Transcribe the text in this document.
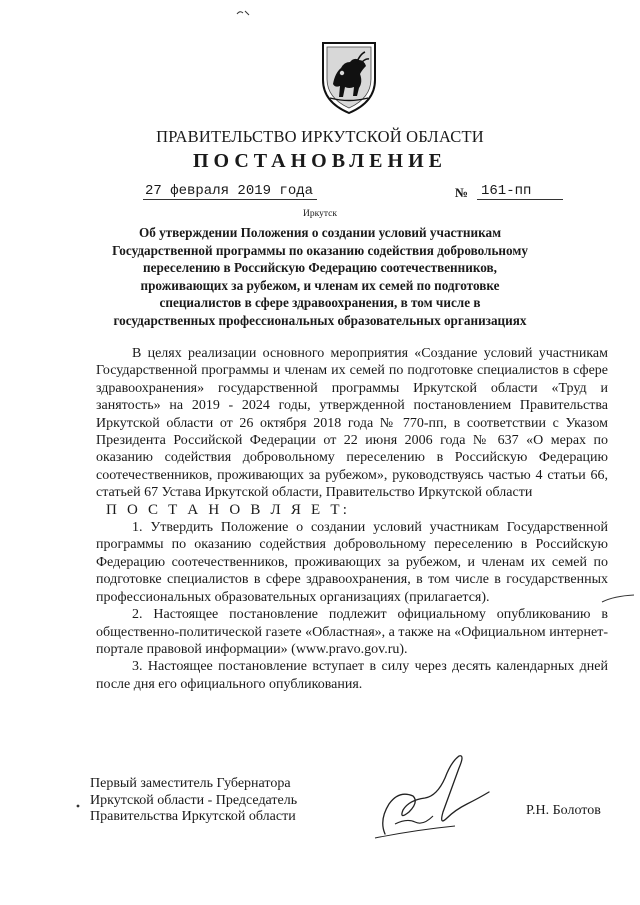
ПРАВИТЕЛЬСТВО ИРКУТСКОЙ ОБЛАСТИ
ПОСТАНОВЛЕНИЕ
27 февраля 2019 года	№ 161-пп
Иркутск
Об утверждении Положения о создании условий участникам Государственной программы по оказанию содействия добровольному переселению в Российскую Федерацию соотечественников, проживающих за рубежом, и членам их семей по подготовке специалистов в сфере здравоохранения, в том числе в государственных профессиональных образовательных организациях

В целях реализации основного мероприятия «Создание условий участникам Государственной программы и членам их семей по подготовке специалистов в сфере здравоохранения» государственной программы Иркутской области «Труд и занятость» на 2019 - 2024 годы, утвержденной постановлением Правительства Иркутской области от 26 октября 2018 года № 770-пп, в соответствии с Указом Президента Российской Федерации от 22 июня 2006 года № 637 «О мерах по оказанию содействия добровольному переселению в Российскую Федерацию соотечественников, проживающих за рубежом», руководствуясь частью 4 статьи 66, статьей 67 Устава Иркутской области, Правительство Иркутской области

П О С Т А Н О В Л Я Е Т:

1. Утвердить Положение о создании условий участникам Государственной программы по оказанию содействия добровольному переселению в Российскую Федерацию соотечественников, проживающих за рубежом, и членам их семей по подготовке специалистов в сфере здравоохранения, в том числе в государственных профессиональных образовательных организациях (прилагается).

2. Настоящее постановление подлежит официальному опубликованию в общественно-политической газете «Областная», а также на «Официальном интернет-портале правовой информации» (www.pravo.gov.ru).

3. Настоящее постановление вступает в силу через десять календарных дней после дня его официального опубликования.

Первый заместитель Губернатора
Иркутской области - Председатель
Правительства Иркутской области	Р.Н. Болотов
